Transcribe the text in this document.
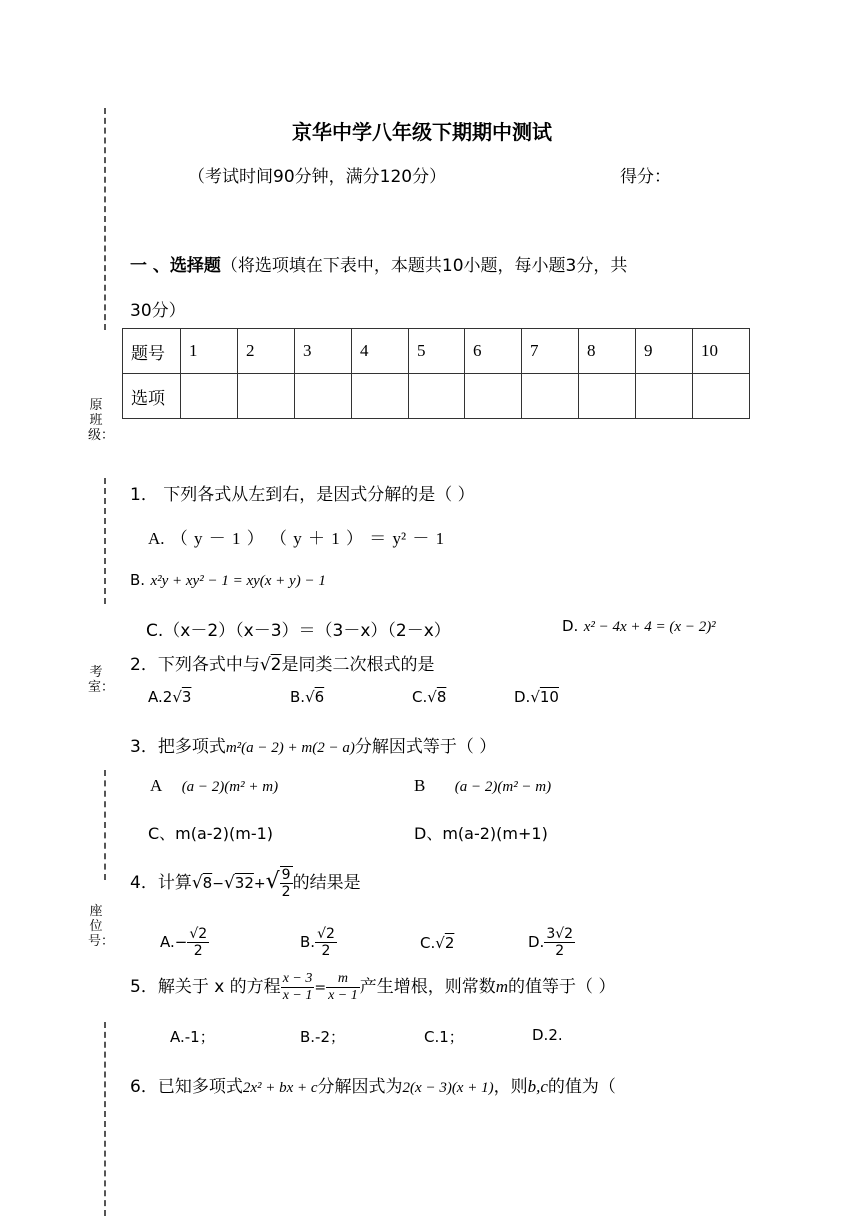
原班级：
考室：
座位号：
京华中学八年级下期期中测试
（考试时间90分钟，满分120分）	得分：
一 、选择题（将选项填在下表中，本题共10小题，每小题3分，共
30分）
题号	1	2	3	4	5	6	7	8	9	10
选项										
1． 下列各式从左到右，是因式分解的是（ ）
A. （ y － 1 ） （ y ＋ 1 ） ＝ y² － 1
B. x²y + xy² − 1 = xy(x + y) − 1
C.（x－2）（x－3）＝（3－x）（2－x）	D. x² − 4x + 4 = (x − 2)²
2．下列各式中与√2是同类二次根式的是
A.2√3	B.√6	C.√8	D.√10
3．把多项式m²(a − 2) + m(2 − a)分解因式等于（ ）
A (a − 2)(m² + m)	B (a − 2)(m² − m)
C、m(a-2)(m-1)	D、m(a-2)(m+1)
4．计算$√8-√32+√ \frac{9}{2}$ 的结果是
$A.- \frac{√2}{2}$	B. $\frac{√2}{2}$	C.√2	D. $\frac{3√2}{2}$
5．解关于 x 的方程 $\frac{x - 3}{x - 1} = \frac{m}{x - 1}$ 产生增根，则常数m的值等于（ ）
A.-1；	B.-2；	C.1；	D.2.
6．已知多项式2x² + bx + c分解因式为2(x − 3)(x + 1)，则b,c的值为（
